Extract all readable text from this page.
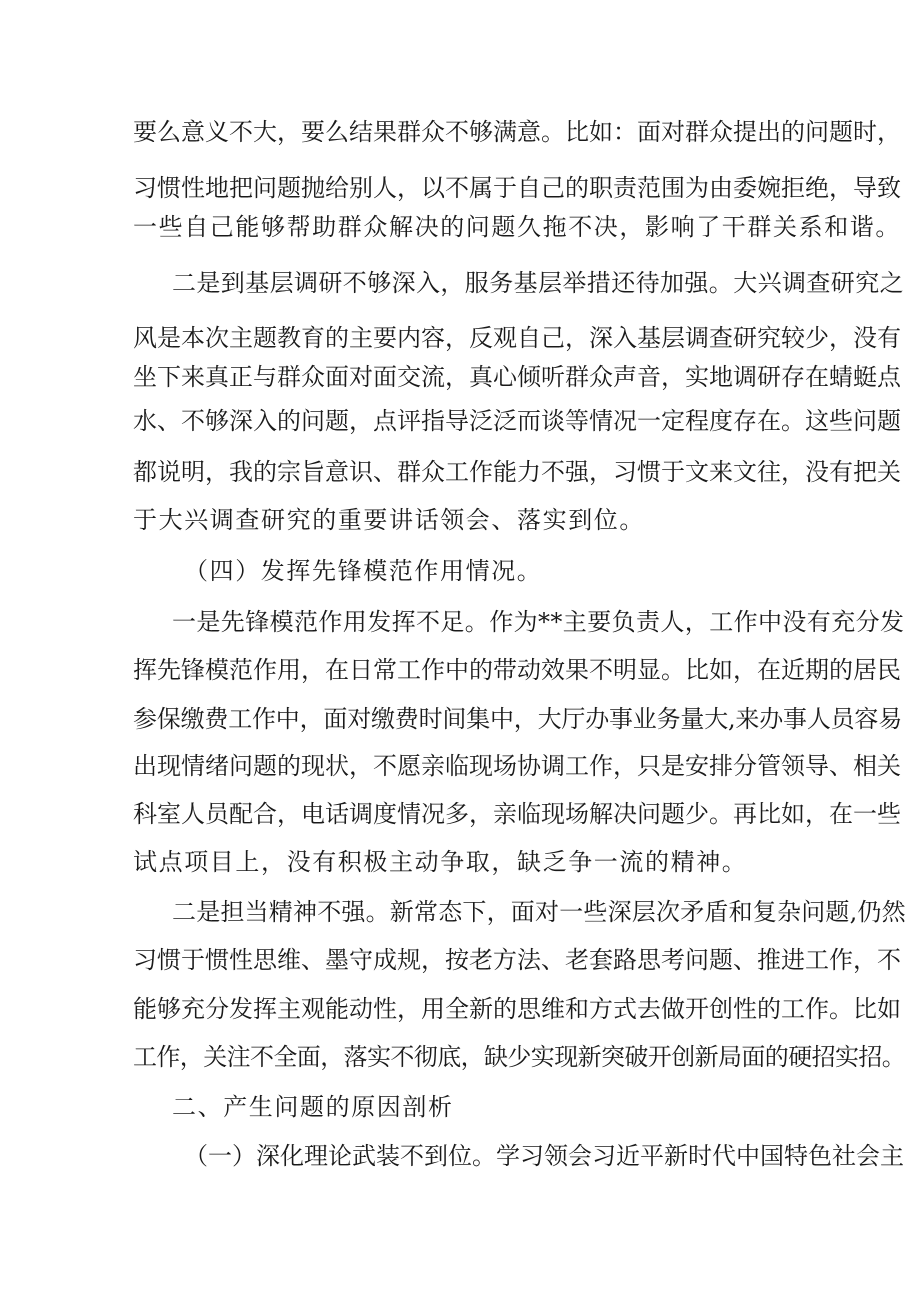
要么意义不大，要么结果群众不够满意。比如：面对群众提出的问题时，
习惯性地把问题抛给别人，以不属于自己的职责范围为由委婉拒绝，导致
一些自己能够帮助群众解决的问题久拖不决，影响了干群关系和谐。
二是到基层调研不够深入，服务基层举措还待加强。大兴调查研究之
风是本次主题教育的主要内容，反观自己，深入基层调查研究较少，没有
坐下来真正与群众面对面交流，真心倾听群众声音，实地调研存在蜻蜓点
水、不够深入的问题，点评指导泛泛而谈等情况一定程度存在。这些问题
都说明，我的宗旨意识、群众工作能力不强，习惯于文来文往，没有把关
于大兴调查研究的重要讲话领会、落实到位。
（四）发挥先锋模范作用情况。
一是先锋模范作用发挥不足。作为**主要负责人，工作中没有充分发
挥先锋模范作用，在日常工作中的带动效果不明显。比如，在近期的居民
参保缴费工作中，面对缴费时间集中，大厅办事业务量大,来办事人员容易
出现情绪问题的现状，不愿亲临现场协调工作，只是安排分管领导、相关
科室人员配合，电话调度情况多，亲临现场解决问题少。再比如，在一些
试点项目上，没有积极主动争取，缺乏争一流的精神。
二是担当精神不强。新常态下，面对一些深层次矛盾和复杂问题,仍然
习惯于惯性思维、墨守成规，按老方法、老套路思考问题、推进工作，不
能够充分发挥主观能动性，用全新的思维和方式去做开创性的工作。比如
工作，关注不全面，落实不彻底，缺少实现新突破开创新局面的硬招实招。
二、产生问题的原因剖析
（一）深化理论武装不到位。学习领会习近平新时代中国特色社会主
